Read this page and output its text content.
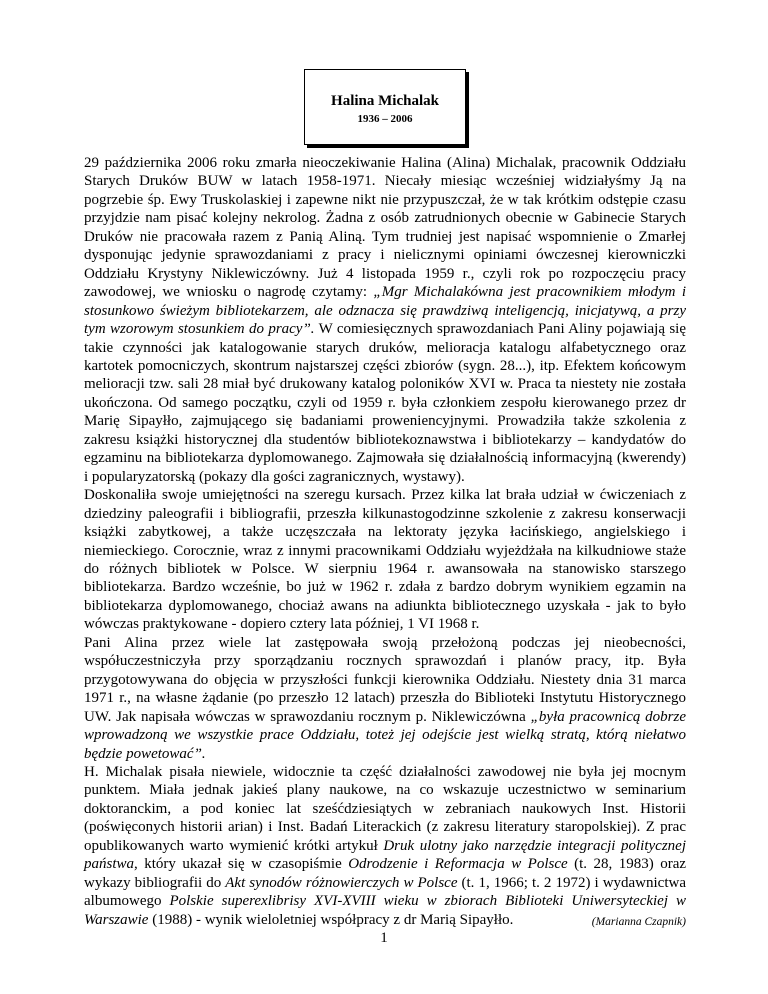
Halina Michalak
1936 – 2006

29 października 2006 roku zmarła nieoczekiwanie Halina (Alina) Michalak, pracownik Oddziału Starych Druków BUW w latach 1958-1971. Niecały miesiąc wcześniej widziałyśmy Ją na pogrzebie śp. Ewy Truskolaskiej i zapewne nikt nie przypuszczał, że w tak krótkim odstępie czasu przyjdzie nam pisać kolejny nekrolog. Żadna z osób zatrudnionych obecnie w Gabinecie Starych Druków nie pracowała razem z Panią Aliną. Tym trudniej jest napisać wspomnienie o Zmarłej dysponując jedynie sprawozdaniami z pracy i nielicznymi opiniami ówczesnej kierowniczki Oddziału Krystyny Niklewiczówny. Już 4 listopada 1959 r., czyli rok po rozpoczęciu pracy zawodowej, we wniosku o nagrodę czytamy: „Mgr Michalakówna jest pracownikiem młodym i stosunkowo świeżym bibliotekarzem, ale odznacza się prawdziwą inteligencją, inicjatywą, a przy tym wzorowym stosunkiem do pracy”. W comiesięcznych sprawozdaniach Pani Aliny pojawiają się takie czynności jak katalogowanie starych druków, melioracja katalogu alfabetycznego oraz kartotek pomocniczych, skontrum najstarszej części zbiorów (sygn. 28...), itp. Efektem końcowym melioracji tzw. sali 28 miał być drukowany katalog poloników XVI w. Praca ta niestety nie została ukończona. Od samego początku, czyli od 1959 r. była członkiem zespołu kierowanego przez dr Marię Sipayłło, zajmującego się badaniami proweniencyjnymi. Prowadziła także szkolenia z zakresu książki historycznej dla studentów bibliotekoznawstwa i bibliotekarzy – kandydatów do egzaminu na bibliotekarza dyplomowanego. Zajmowała się działalnością informacyjną (kwerendy) i popularyzatorską (pokazy dla gości zagranicznych, wystawy).

Doskonaliła swoje umiejętności na szeregu kursach. Przez kilka lat brała udział w ćwiczeniach z dziedziny paleografii i bibliografii, przeszła kilkunastogodzinne szkolenie z zakresu konserwacji książki zabytkowej, a także uczęszczała na lektoraty języka łacińskiego, angielskiego i niemieckiego. Corocznie, wraz z innymi pracownikami Oddziału wyjeżdżała na kilkudniowe staże do różnych bibliotek w Polsce. W sierpniu 1964 r. awansowała na stanowisko starszego bibliotekarza. Bardzo wcześnie, bo już w 1962 r. zdała z bardzo dobrym wynikiem egzamin na bibliotekarza dyplomowanego, chociaż awans na adiunkta bibliotecznego uzyskała - jak to było wówczas praktykowane - dopiero cztery lata później, 1 VI 1968 r.

Pani Alina przez wiele lat zastępowała swoją przełożoną podczas jej nieobecności, współuczestniczyła przy sporządzaniu rocznych sprawozdań i planów pracy, itp. Była przygotowywana do objęcia w przyszłości funkcji kierownika Oddziału. Niestety dnia 31 marca 1971 r., na własne żądanie (po przeszło 12 latach) przeszła do Biblioteki Instytutu Historycznego UW. Jak napisała wówczas w sprawozdaniu rocznym p. Niklewiczówna „była pracownicą dobrze wprowadzoną we wszystkie prace Oddziału, toteż jej odejście jest wielką stratą, którą niełatwo będzie powetować”.

H. Michalak pisała niewiele, widocznie ta część działalności zawodowej nie była jej mocnym punktem. Miała jednak jakieś plany naukowe, na co wskazuje uczestnictwo w seminarium doktoranckim, a pod koniec lat sześćdziesiątych w zebraniach naukowych Inst. Historii (poświęconych historii arian) i Inst. Badań Literackich (z zakresu literatury staropolskiej). Z prac opublikowanych warto wymienić krótki artykuł Druk ulotny jako narzędzie integracji politycznej państwa, który ukazał się w czasopiśmie Odrodzenie i Reformacja w Polsce (t. 28, 1983) oraz wykazy bibliografii do Akt synodów różnowierczych w Polsce (t. 1, 1966; t. 2 1972) i wydawnictwa albumowego Polskie superexlibrisy XVI-XVIII wieku w zbiorach Biblioteki Uniwersyteckiej w Warszawie (1988) - wynik wieloletniej współpracy z dr Marią Sipayłło.	(Marianna Czapnik)

1
